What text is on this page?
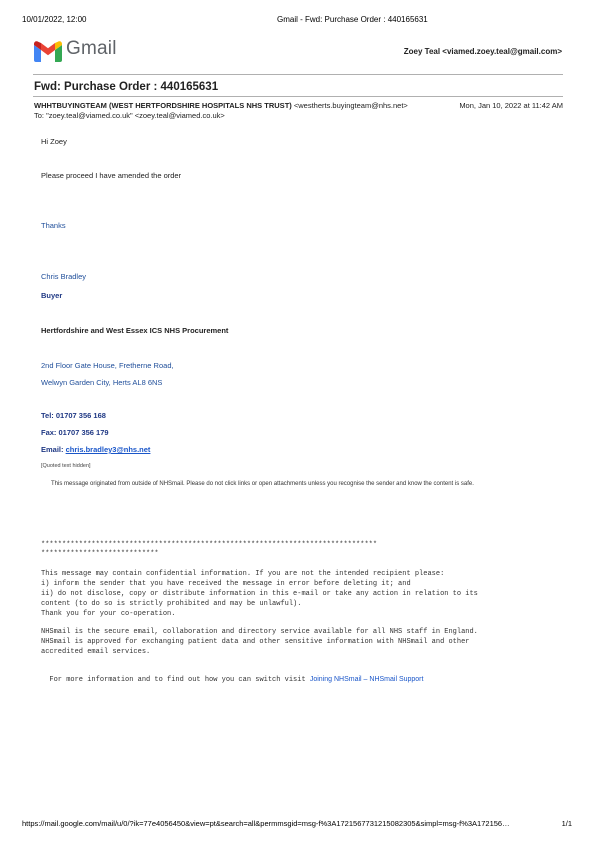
10/01/2022, 12:00	Gmail - Fwd: Purchase Order : 440165631
Gmail	Zoey Teal <viamed.zoey.teal@gmail.com>
Fwd: Purchase Order : 440165631
WHHTBUYINGTEAM (WEST HERTFORDSHIRE HOSPITALS NHS TRUST) <westherts.buyingteam@nhs.net>	Mon, Jan 10, 2022 at 11:42 AM
To: "zoey.teal@viamed.co.uk" <zoey.teal@viamed.co.uk>
Hi Zoey
Please proceed I have amended the order
Thanks
Chris Bradley
Buyer
Hertfordshire and West Essex ICS NHS Procurement
2nd Floor Gate House, Fretherne Road,
Welwyn Garden City, Herts AL8 6NS
Tel: 01707 356 168
Fax: 01707 356 179
Email: chris.bradley3@nhs.net
[Quoted text hidden]
This message originated from outside of NHSmail. Please do not click links or open attachments unless you recognise the sender and know the content is safe.
********************************************************************************
****************************
This message may contain confidential information. If you are not the intended recipient please:
i) inform the sender that you have received the message in error before deleting it; and
ii) do not disclose, copy or distribute information in this e-mail or take any action in relation to its
content (to do so is strictly prohibited and may be unlawful).
Thank you for your co-operation.
NHSmail is the secure email, collaboration and directory service available for all NHS staff in England.
NHSmail is approved for exchanging patient data and other sensitive information with NHSmail and other
accredited email services.

For more information and to find out how you can switch visit Joining NHSmail – NHSmail Support

https://mail.google.com/mail/u/0/?ik=77e4056450&view=pt&search=all&permmsgid=msg-f%3A1721567731215082305&simpl=msg-f%3A172156…	1/1
